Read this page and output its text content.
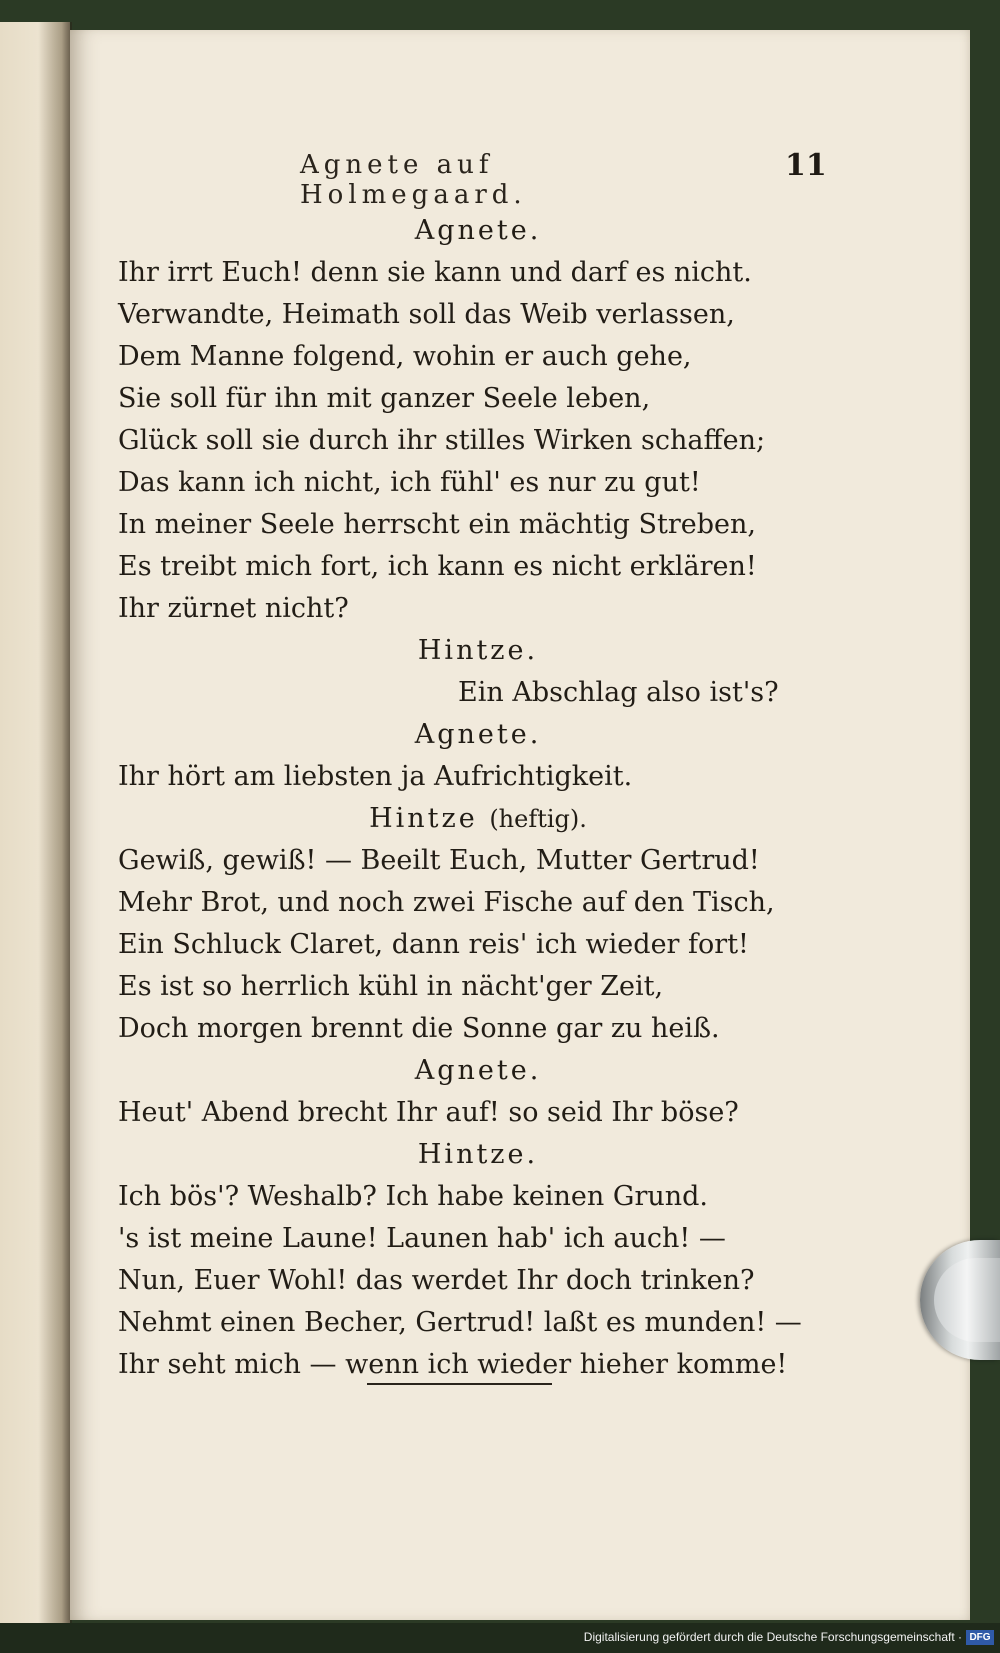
Agnete auf Holmegaard.
11
Agnete.
Ihr irrt Euch! denn sie kann und darf es nicht.
Verwandte, Heimath soll das Weib verlassen,
Dem Manne folgend, wohin er auch gehe,
Sie soll für ihn mit ganzer Seele leben,
Glück soll sie durch ihr stilles Wirken schaffen;
Das kann ich nicht, ich fühl' es nur zu gut!
In meiner Seele herrscht ein mächtig Streben,
Es treibt mich fort, ich kann es nicht erklären!
Ihr zürnet nicht?
Hintze.
Ein Abschlag also ist's?
Agnete.
Ihr hört am liebsten ja Aufrichtigkeit.
Hintze (heftig).
Gewiß, gewiß! — Beeilt Euch, Mutter Gertrud!
Mehr Brot, und noch zwei Fische auf den Tisch,
Ein Schluck Claret, dann reis' ich wieder fort!
Es ist so herrlich kühl in nächt'ger Zeit,
Doch morgen brennt die Sonne gar zu heiß.
Agnete.
Heut' Abend brecht Ihr auf! so seid Ihr böse?
Hintze.
Ich bös'? Weshalb? Ich habe keinen Grund.
's ist meine Laune! Launen hab' ich auch! —
Nun, Euer Wohl! das werdet Ihr doch trinken?
Nehmt einen Becher, Gertrud! laßt es munden! —
Ihr seht mich — wenn ich wieder hieher komme!
Digitalisierung gefördert durch die Deutsche Forschungsgemeinschaft · DFG
